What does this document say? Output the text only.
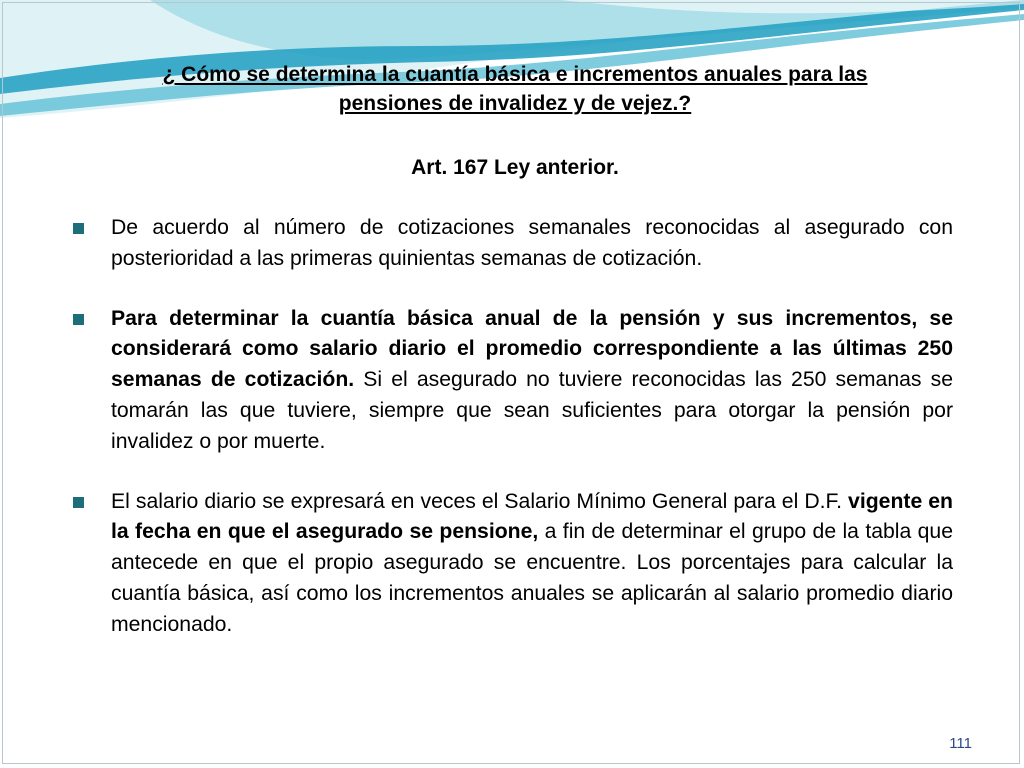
¿ Cómo se determina la cuantía básica e incrementos anuales para las
pensiones de invalidez y de vejez.?
Art. 167 Ley anterior.
De acuerdo al número de cotizaciones semanales reconocidas al asegurado con posterioridad a las primeras quinientas semanas de cotización.
Para determinar la cuantía básica anual de la pensión y sus incrementos, se considerará como salario diario el promedio correspondiente a las últimas 250 semanas de cotización. Si el asegurado no tuviere reconocidas las 250 semanas se tomarán las que tuviere, siempre que sean suficientes para otorgar la pensión por invalidez o por muerte.
El salario diario se expresará en veces el Salario Mínimo General para el D.F. vigente en la fecha en que el asegurado se pensione, a fin de determinar el grupo de la tabla que antecede en que el propio asegurado se encuentre. Los porcentajes para calcular la cuantía básica, así como los incrementos anuales se aplicarán al salario promedio diario mencionado.
111
